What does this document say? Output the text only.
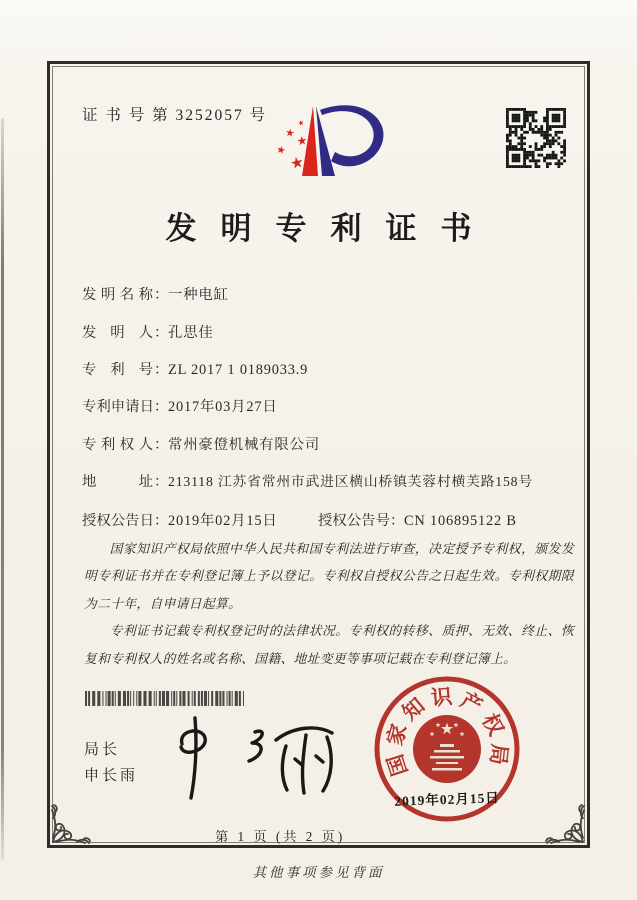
证 书 号 第 3252057 号
发明专利证书
发明名称 ： 一种电缸
发明人 ： 孔思佳
专利号 ： ZL 2017 1 0189033.9
专利申请日 ： 2017年03月27日
专利权人 ： 常州豪僜机械有限公司
地址 ： 213118 江苏省常州市武进区横山桥镇芙蓉村横芙路158号
授权公告日 ： 2019年02月15日	授权公告号 ： CN 106895122 B

国家知识产权局依照中华人民共和国专利法进行审查，决定授予专利权，颁发发明专利证书并在专利登记簿上予以登记。专利权自授权公告之日起生效。专利权期限为二十年，自申请日起算。

专利证书记载专利权登记时的法律状况。专利权的转移、质押、无效、终止、恢复和专利权人的姓名或名称、国籍、地址变更等事项记载在专利登记簿上。

局长
申长雨	国
家
知 识 产
权
局
2019年02月15日
第 1 页 (共 2 页)
其他事项参见背面
